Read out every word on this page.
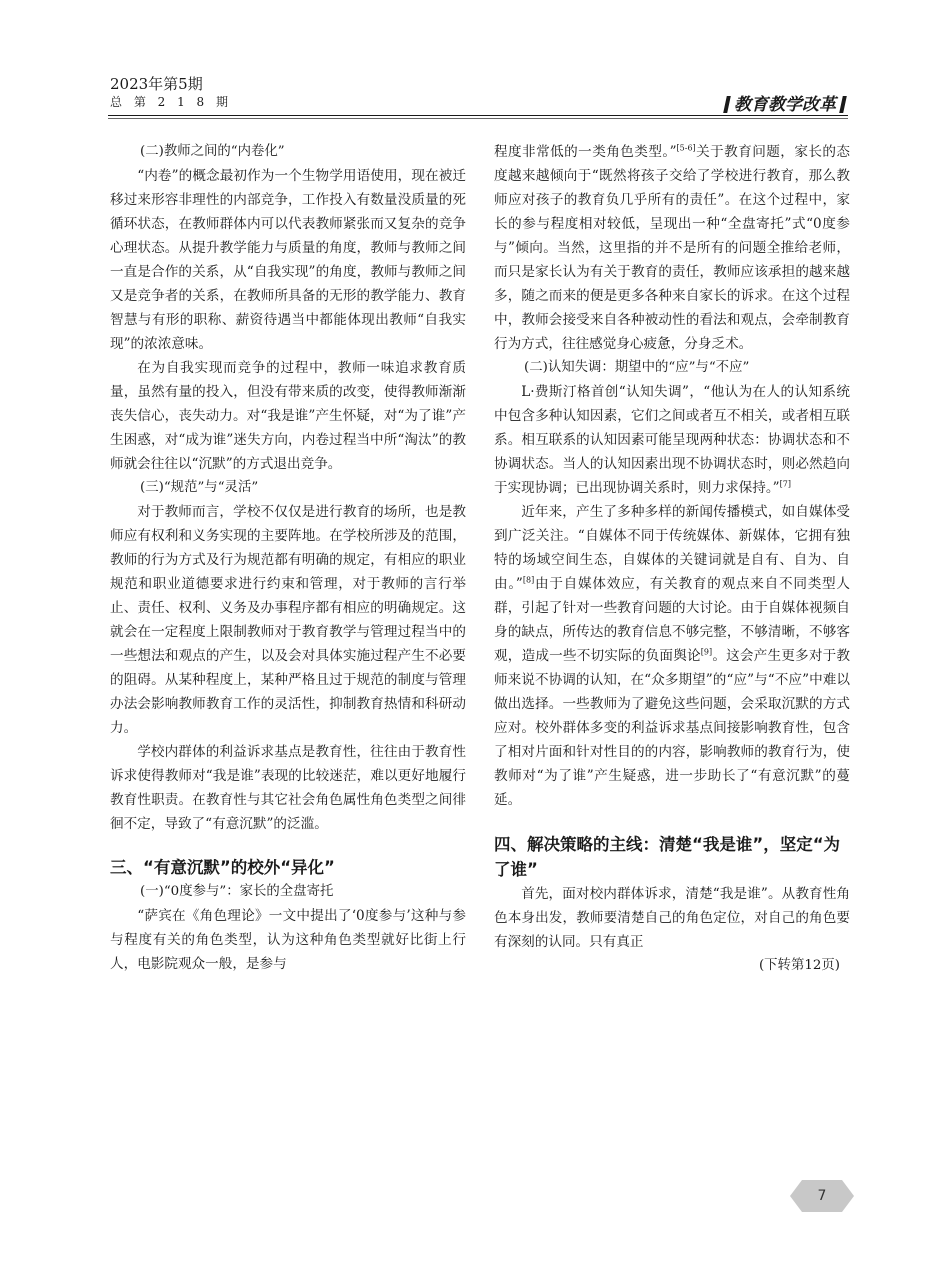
2023年第5期
总 第 2 1 8 期	教育教学改革
(二)教师之间的“内卷化”

“内卷”的概念最初作为一个生物学用语使用，现在被迁移过来形容非理性的内部竞争，工作投入有数量没质量的死循环状态，在教师群体内可以代表教师紧张而又复杂的竞争心理状态。从提升教学能力与质量的角度，教师与教师之间一直是合作的关系，从“自我实现”的角度，教师与教师之间又是竞争者的关系，在教师所具备的无形的教学能力、教育智慧与有形的职称、薪资待遇当中都能体现出教师“自我实现”的浓浓意味。

在为自我实现而竞争的过程中，教师一味追求教育质量，虽然有量的投入，但没有带来质的改变，使得教师渐渐丧失信心，丧失动力。对“我是谁”产生怀疑，对“为了谁”产生困惑，对“成为谁”迷失方向，内卷过程当中所“淘汰”的教师就会往往以“沉默”的方式退出竞争。

(三)“规范”与“灵活”

对于教师而言，学校不仅仅是进行教育的场所，也是教师应有权利和义务实现的主要阵地。在学校所涉及的范围，教师的行为方式及行为规范都有明确的规定，有相应的职业规范和职业道德要求进行约束和管理，对于教师的言行举止、责任、权利、义务及办事程序都有相应的明确规定。这就会在一定程度上限制教师对于教育教学与管理过程当中的一些想法和观点的产生，以及会对具体实施过程产生不必要的阻碍。从某种程度上，某种严格且过于规范的制度与管理办法会影响教师教育工作的灵活性，抑制教育热情和科研动力。

学校内群体的利益诉求基点是教育性，往往由于教育性诉求使得教师对“我是谁”表现的比较迷茫，难以更好地履行教育性职责。在教育性与其它社会角色属性角色类型之间徘徊不定，导致了“有意沉默”的泛滥。

三、“有意沉默”的校外“异化”
(一)“0度参与”：家长的全盘寄托

“萨宾在《角色理论》一文中提出了‘0度参与’这种与参与程度有关的角色类型，认为这种角色类型就好比街上行人，电影院观众一般，是参与

程度非常低的一类角色类型。”[5-6]关于教育问题，家长的态度越来越倾向于“既然将孩子交给了学校进行教育，那么教师应对孩子的教育负几乎所有的责任”。在这个过程中，家长的参与程度相对较低，呈现出一种“全盘寄托”式“0度参与”倾向。当然，这里指的并不是所有的问题全推给老师，而只是家长认为有关于教育的责任，教师应该承担的越来越多，随之而来的便是更多各种来自家长的诉求。在这个过程中，教师会接受来自各种被动性的看法和观点，会牵制教育行为方式，往往感觉身心疲惫，分身乏术。

(二)认知失调：期望中的“应”与“不应”

L·费斯汀格首创“认知失调”，“他认为在人的认知系统中包含多种认知因素，它们之间或者互不相关，或者相互联系。相互联系的认知因素可能呈现两种状态：协调状态和不协调状态。当人的认知因素出现不协调状态时，则必然趋向于实现协调；已出现协调关系时，则力求保持。”[7]

近年来，产生了多种多样的新闻传播模式，如自媒体受到广泛关注。“自媒体不同于传统媒体、新媒体，它拥有独特的场域空间生态，自媒体的关键词就是自有、自为、自由。”[8]由于自媒体效应，有关教育的观点来自不同类型人群，引起了针对一些教育问题的大讨论。由于自媒体视频自身的缺点，所传达的教育信息不够完整，不够清晰，不够客观，造成一些不切实际的负面舆论[9]。这会产生更多对于教师来说不协调的认知，在“众多期望”的“应”与“不应”中难以做出选择。一些教师为了避免这些问题，会采取沉默的方式应对。校外群体多变的利益诉求基点间接影响教育性，包含了相对片面和针对性目的的内容，影响教师的教育行为，使教师对“为了谁”产生疑惑，进一步助长了“有意沉默”的蔓延。

四、解决策略的主线：清楚“我是谁”，坚定“为了谁”

首先，面对校内群体诉求，清楚“我是谁”。从教育性角色本身出发，教师要清楚自己的角色定位，对自己的角色要有深刻的认同。只有真正

(下转第12页)
7
